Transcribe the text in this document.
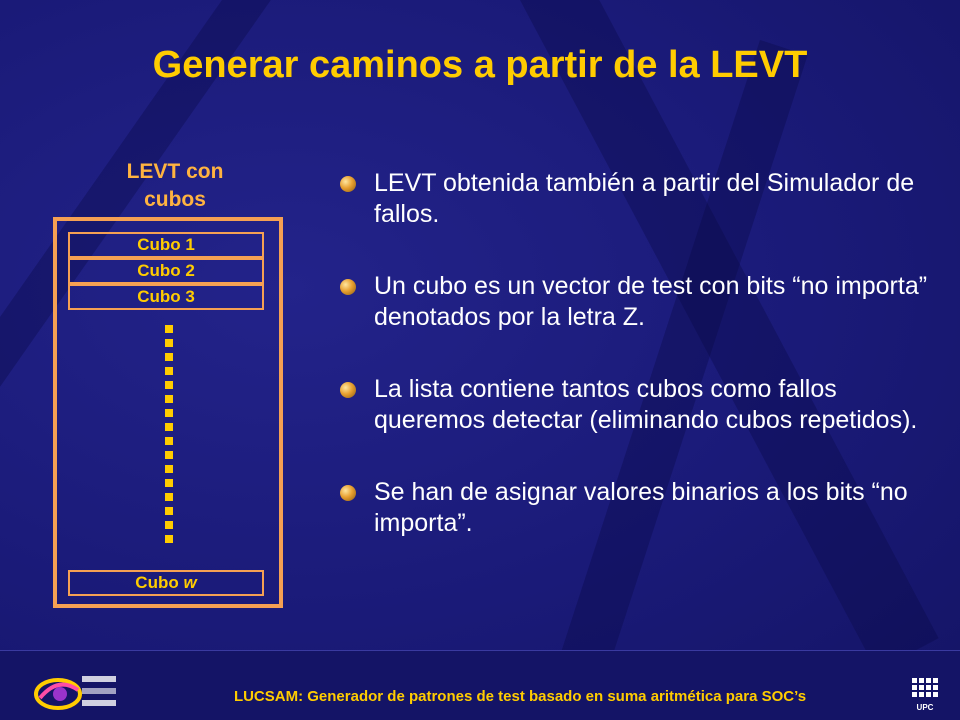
Generar caminos a partir de la LEVT
LEVT con
cubos
Cubo 1
Cubo 2
Cubo 3
Cubo w
LEVT obtenida también a partir del Simulador de fallos.
Un cubo es un vector de test con bits “no importa” denotados por la letra Z.
La lista contiene tantos cubos como fallos queremos detectar (eliminando cubos repetidos).
Se han de asignar valores binarios a los bits “no importa”.
LUCSAM: Generador de patrones de test basado en suma aritmética para SOC’s
UPC
